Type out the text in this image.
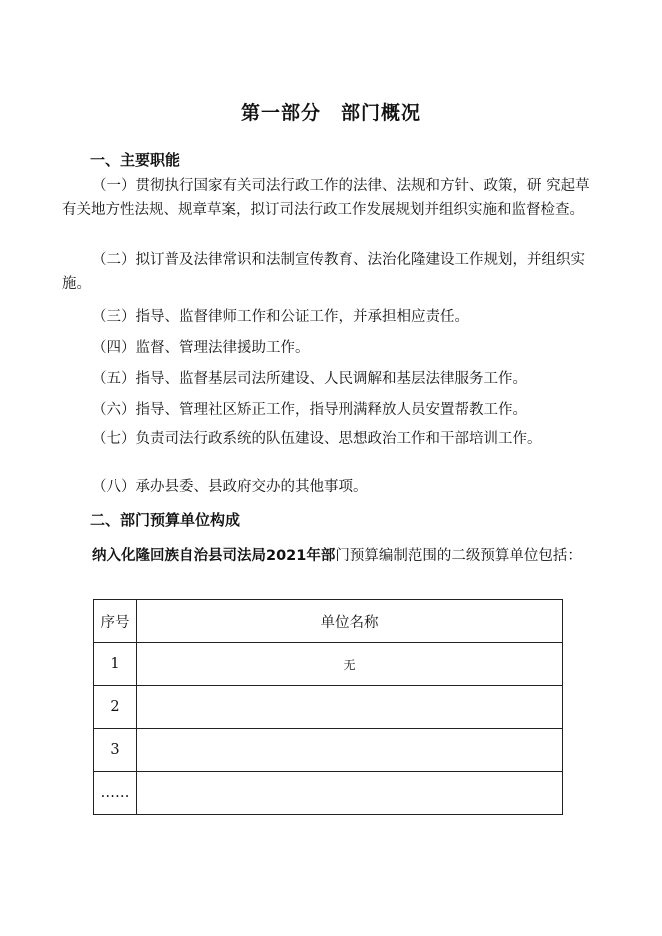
第一部分　部门概况
一、主要职能
（一）贯彻执行国家有关司法行政工作的法律、法规和方针、政策，研 究起草有关地方性法规、规章草案，拟订司法行政工作发展规划并组织实施和监督检查。
（二）拟订普及法律常识和法制宣传教育、法治化隆建设工作规划，并组织实施。
（三）指导、监督律师工作和公证工作，并承担相应责任。
（四）监督、管理法律援助工作。
（五）指导、监督基层司法所建设、人民调解和基层法律服务工作。
（六）指导、管理社区矫正工作，指导刑满释放人员安置帮教工作。
（七）负责司法行政系统的队伍建设、思想政治工作和干部培训工作。
（八）承办县委、县政府交办的其他事项。
二、部门预算单位构成
纳入化隆回族自治县司法局2021年部门预算编制范围的二级预算单位包括：
序号	单位名称
1	无
2	
3	
……	
